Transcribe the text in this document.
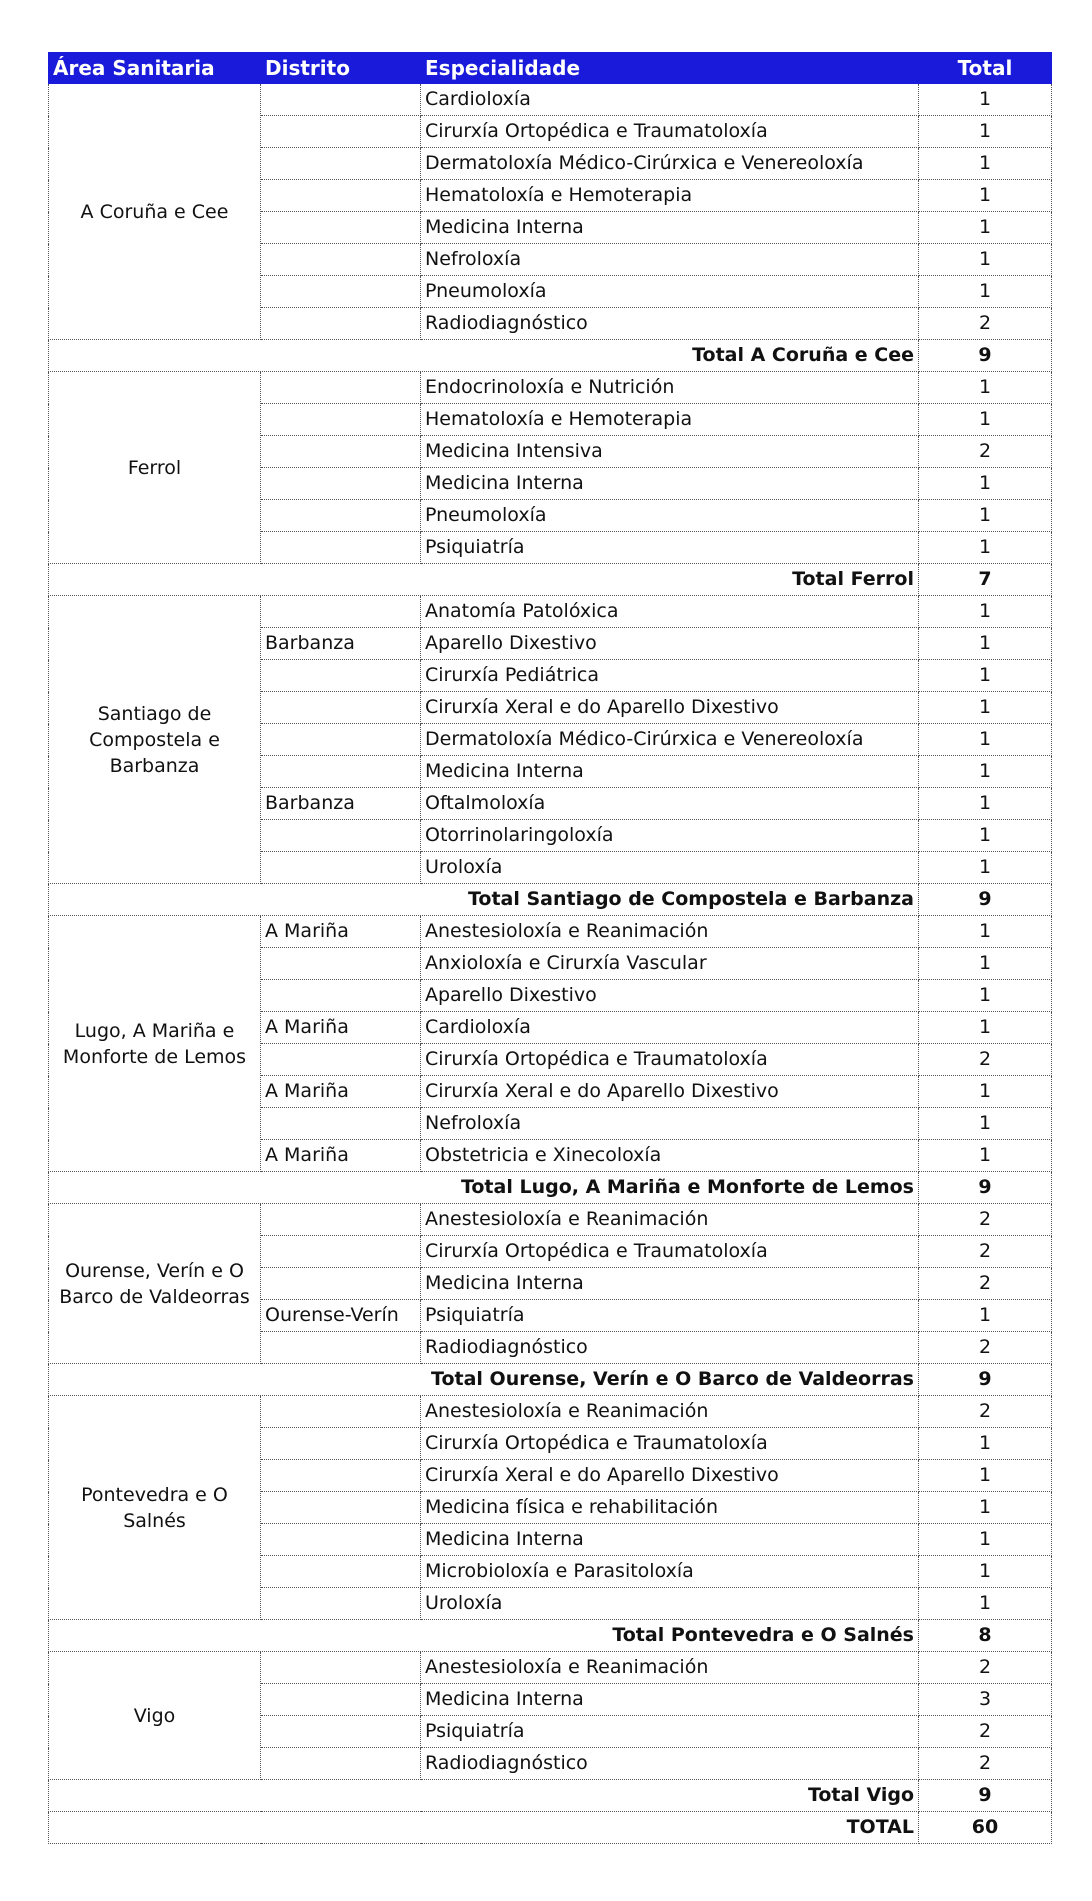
Área Sanitaria	Distrito	Especialidade	Total
A Coruña e Cee		Cardioloxía	1
		Cirurxía Ortopédica e Traumatoloxía	1
		Dermatoloxía Médico-Cirúrxica e Venereoloxía	1
		Hematoloxía e Hemoterapia	1
		Medicina Interna	1
		Nefroloxía	1
		Pneumoloxía	1
		Radiodiagnóstico	2
Total A Coruña e Cee			9
Ferrol		Endocrinoloxía e Nutrición	1
		Hematoloxía e Hemoterapia	1
		Medicina Intensiva	2
		Medicina Interna	1
		Pneumoloxía	1
		Psiquiatría	1
Total Ferrol			7
Santiago de Compostela e Barbanza		Anatomía Patolóxica	1
	Barbanza	Aparello Dixestivo	1
		Cirurxía Pediátrica	1
		Cirurxía Xeral e do Aparello Dixestivo	1
		Dermatoloxía Médico-Cirúrxica e Venereoloxía	1
		Medicina Interna	1
	Barbanza	Oftalmoloxía	1
		Otorrinolaringoloxía	1
		Uroloxía	1
Total Santiago de Compostela e Barbanza			9
Lugo, A Mariña e Monforte de Lemos	A Mariña	Anestesioloxía e Reanimación	1
		Anxioloxía e Cirurxía Vascular	1
		Aparello Dixestivo	1
	A Mariña	Cardioloxía	1
		Cirurxía Ortopédica e Traumatoloxía	2
	A Mariña	Cirurxía Xeral e do Aparello Dixestivo	1
		Nefroloxía	1
	A Mariña	Obstetricia e Xinecoloxía	1
Total Lugo, A Mariña e Monforte de Lemos			9
Ourense, Verín e O Barco de Valdeorras		Anestesioloxía e Reanimación	2
		Cirurxía Ortopédica e Traumatoloxía	2
		Medicina Interna	2
	Ourense-Verín	Psiquiatría	1
		Radiodiagnóstico	2
Total Ourense, Verín e O Barco de Valdeorras			9
Pontevedra e O Salnés		Anestesioloxía e Reanimación	2
		Cirurxía Ortopédica e Traumatoloxía	1
		Cirurxía Xeral e do Aparello Dixestivo	1
		Medicina física e rehabilitación	1
		Medicina Interna	1
		Microbioloxía e Parasitoloxía	1
		Uroloxía	1
Total Pontevedra e O Salnés			8
Vigo		Anestesioloxía e Reanimación	2
		Medicina Interna	3
		Psiquiatría	2
		Radiodiagnóstico	2
Total Vigo			9
TOTAL			60
